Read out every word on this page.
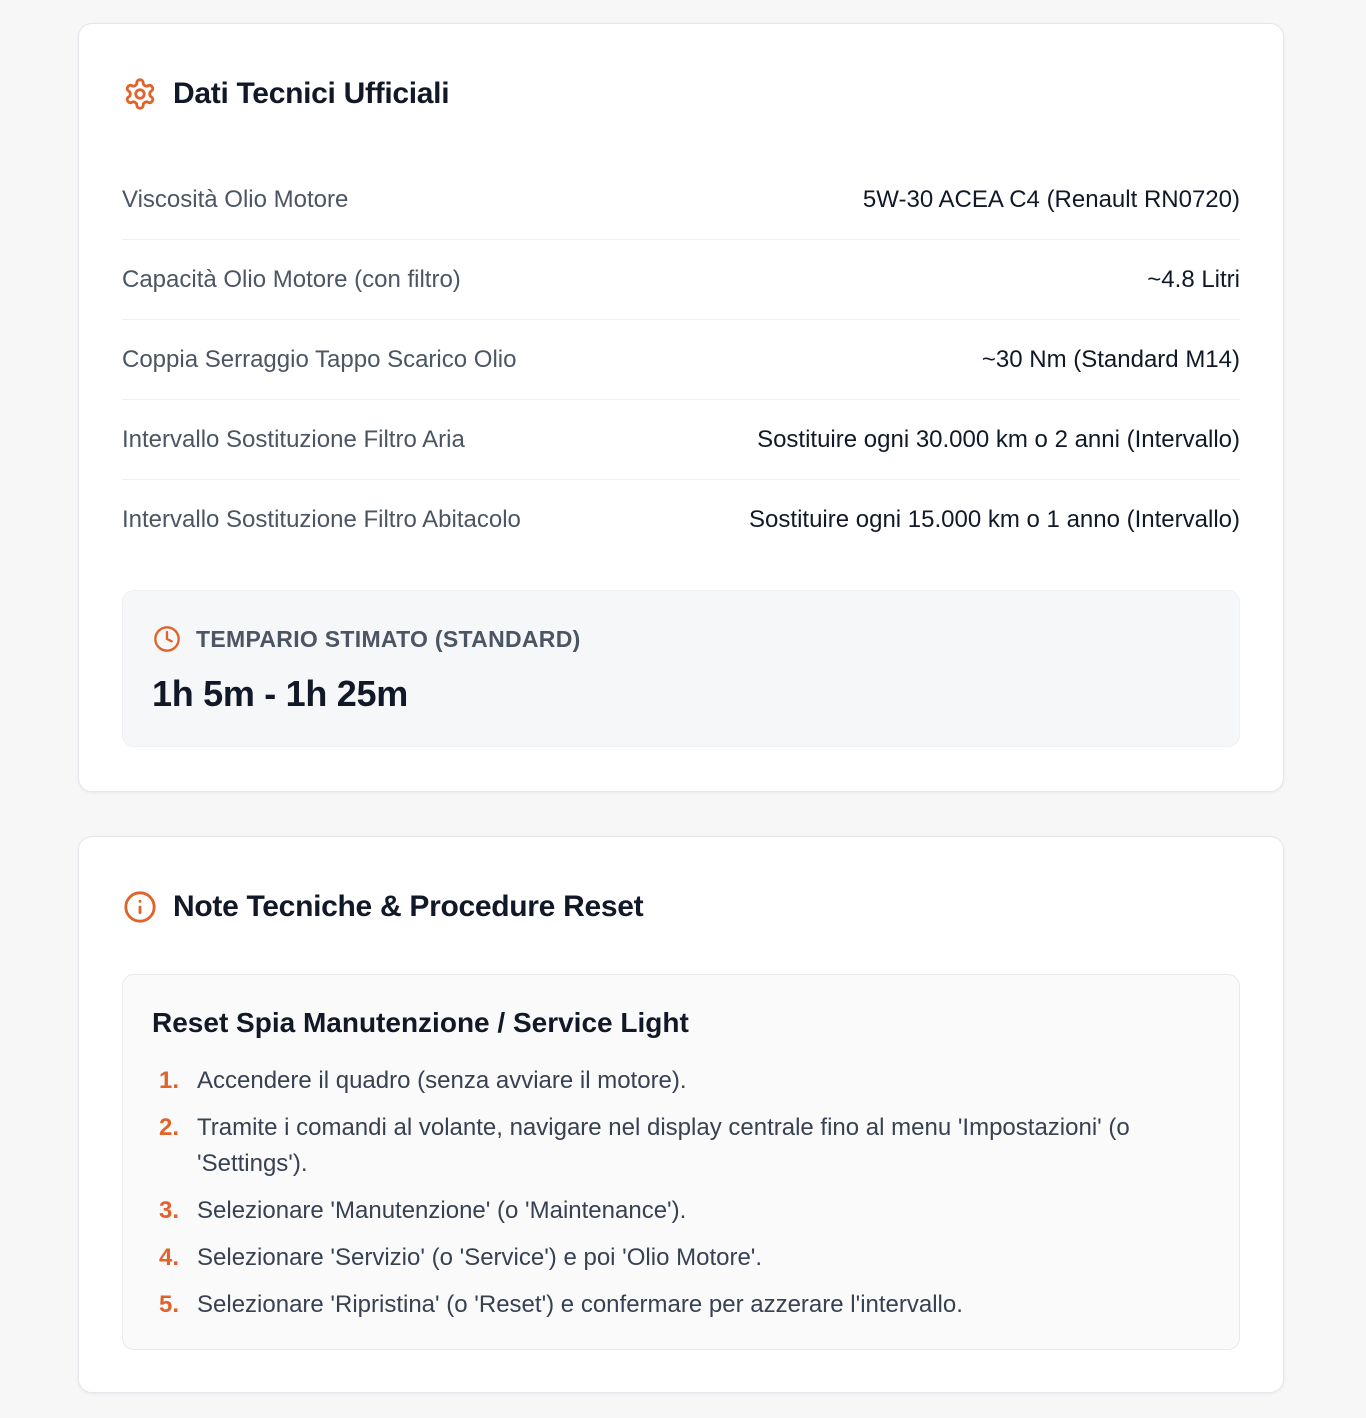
Dati Tecnici Ufficiali
Viscosità Olio Motore	5W-30 ACEA C4 (Renault RN0720)
Capacità Olio Motore (con filtro)	~4.8 Litri
Coppia Serraggio Tappo Scarico Olio	~30 Nm (Standard M14)
Intervallo Sostituzione Filtro Aria	Sostituire ogni 30.000 km o 2 anni (Intervallo)
Intervallo Sostituzione Filtro Abitacolo	Sostituire ogni 15.000 km o 1 anno (Intervallo)
TEMPARIO STIMATO (STANDARD)
1h 5m - 1h 25m
Note Tecniche & Procedure Reset
Reset Spia Manutenzione / Service Light
1. Accendere il quadro (senza avviare il motore).
2. Tramite i comandi al volante, navigare nel display centrale fino al menu 'Impostazioni' (o 'Settings').
3. Selezionare 'Manutenzione' (o 'Maintenance').
4. Selezionare 'Servizio' (o 'Service') e poi 'Olio Motore'.
5. Selezionare 'Ripristina' (o 'Reset') e confermare per azzerare l'intervallo.
